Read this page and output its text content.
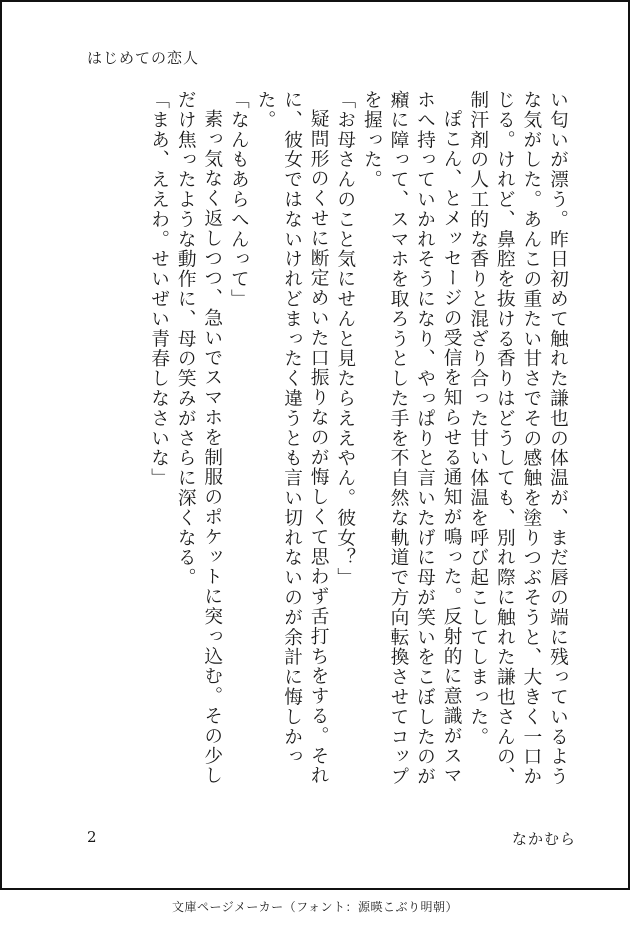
はじめての恋人

い匂いが漂う。昨日初めて触れた謙也の体温が、まだ唇の端に残っているような気がした。あんこの重たい甘さでその感触を塗りつぶそうと、大きく一口かじる。けれど、鼻腔を抜ける香りはどうしても、別れ際に触れた謙也さんの、制汗剤の人工的な香りと混ざり合った甘い体温を呼び起こしてしまった。

ぽこん、とメッセージの受信を知らせる通知が鳴った。反射的に意識がスマホへ持っていかれそうになり、やっぱりと言いたげに母が笑いをこぼしたのが癪に障って、スマホを取ろうとした手を不自然な軌道で方向転換させてコップを握った。

「お母さんのこと気にせんと見たらええやん。彼女？」

疑問形のくせに断定めいた口振りなのが悔しくて思わず舌打ちをする。それに、彼女ではないけれどまったく違うとも言い切れないのが余計に悔しかった。

「なんもあらへんって」

素っ気なく返しつつ、急いでスマホを制服のポケットに突っ込む。その少しだけ焦ったような動作に、母の笑みがさらに深くなる。

「まあ、ええわ。せいぜい青春しなさいな」

2	なかむら
文庫ページメーカー（フォント：源暎こぶり明朝）
